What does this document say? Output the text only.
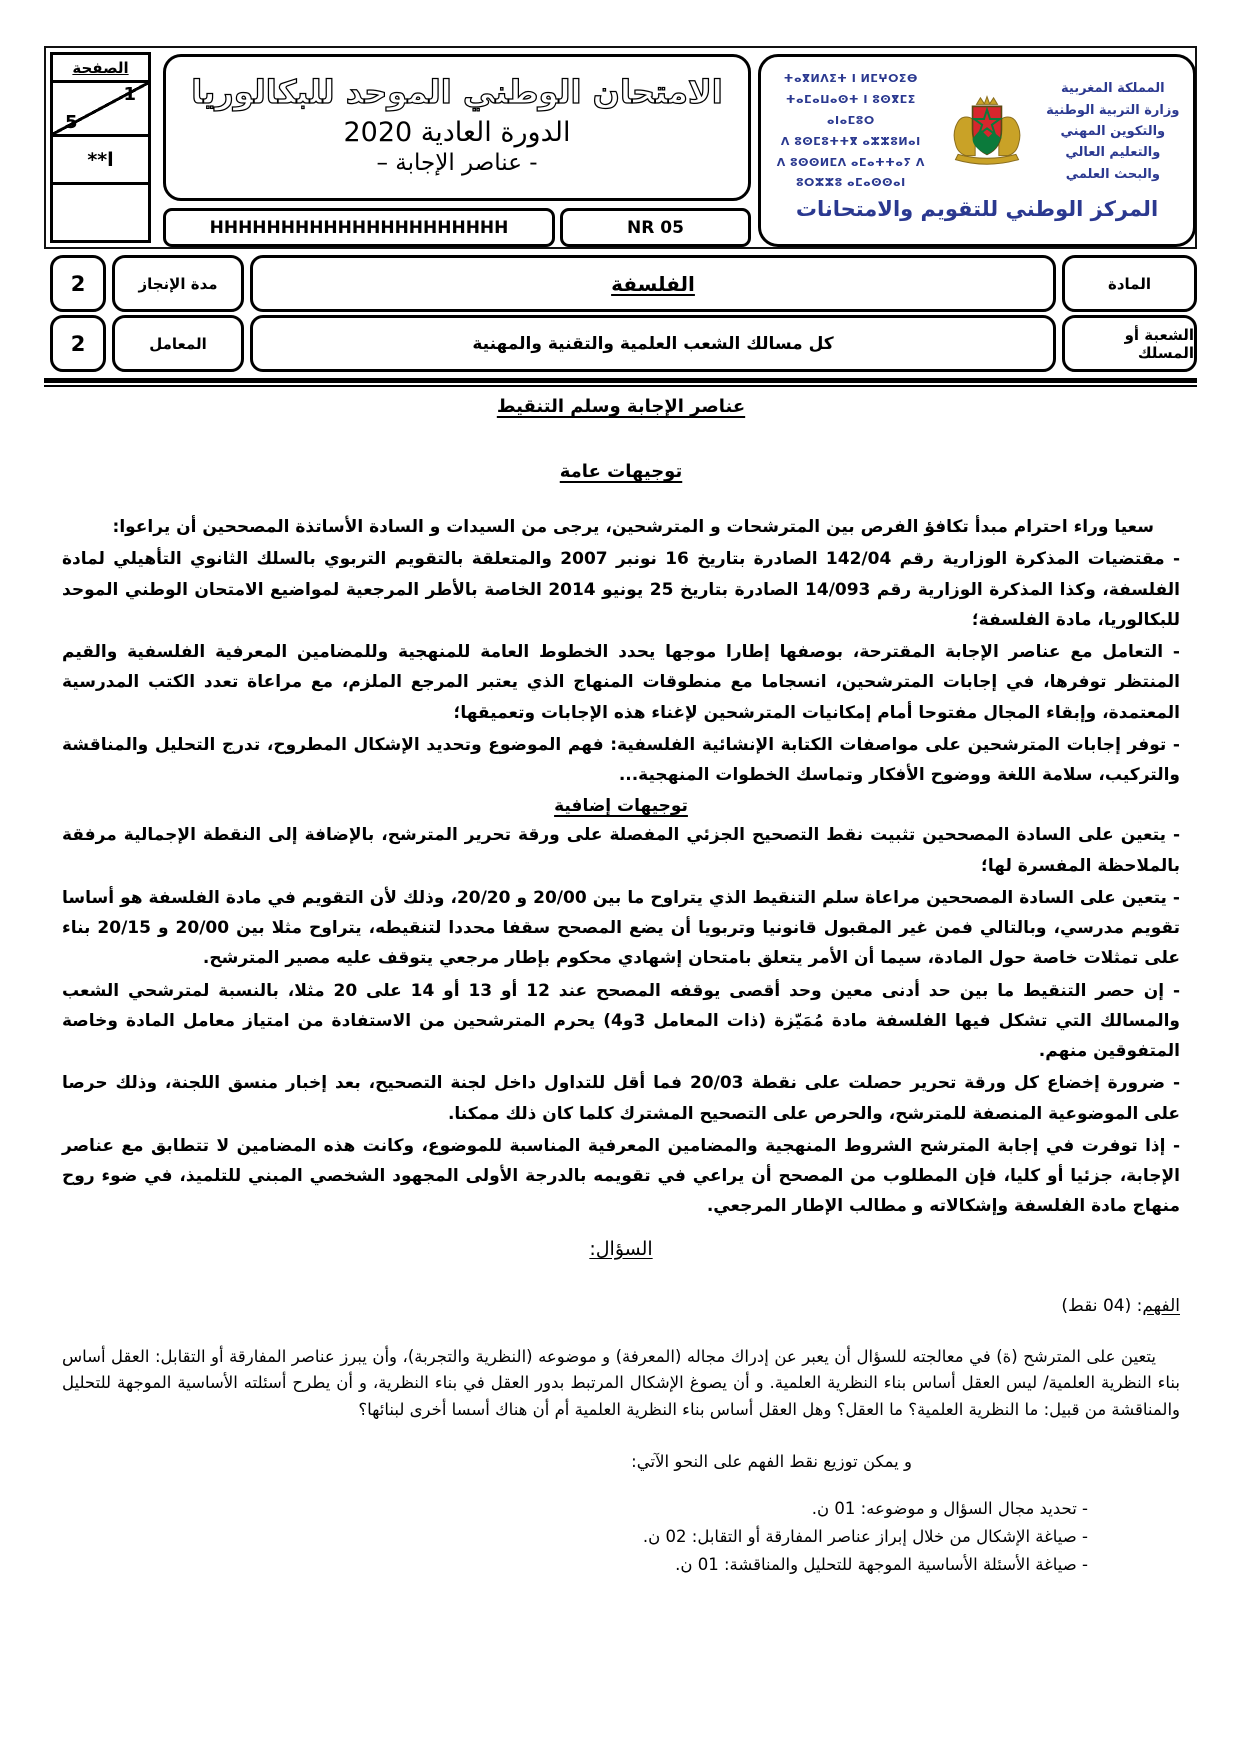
الصفحة
1
5
ا**
الامتحان الوطني الموحد للبكالوريا
الدورة العادية 2020
- عناصر الإجابة –
HHHHHHHHHHHHHHHHHHHHH	NR 05
ⵜⴰⴳⵍⴷⵉⵜ ⵏ ⵍⵎⵖⵔⵉⴱ
ⵜⴰⵎⴰⵡⴰⵙⵜ ⵏ ⵓⵙⴳⵎⵉ ⴰⵏⴰⵎⵓⵔ
ⴷ ⵓⵙⵎⵓⵜⵜⴳ ⴰⵣⵣⵓⵍⴰⵏ
ⴷ ⵓⵙⵙⵍⵎⴷ ⴰⵎⴰⵜⵜⴰⵢ ⴷ ⵓⵔⵣⵣⵓ ⴰⵎⴰⵙⵙⴰⵏ
المملكة المغربية
وزارة التربية الوطنية
والتكوين المهني
والتعليم العالي والبحث العلمي
المركز الوطني للتقويم والامتحانات
2	مدة الإنجاز	الفلسفة	المادة
2	المعامل	كل مسالك الشعب العلمية والتقنية والمهنية	الشعبة أو المسلك
عناصر الإجابة وسلم التنقيط
توجيهات عامة

سعيا وراء احترام مبدأ تكافؤ الفرص بين المترشحات و المترشحين، يرجى من السيدات و السادة الأساتذة المصححين أن يراعوا:

- مقتضيات المذكرة الوزارية رقم 142/04 الصادرة بتاريخ 16 نونبر 2007 والمتعلقة بالتقويم التربوي بالسلك الثانوي التأهيلي لمادة الفلسفة، وكذا المذكرة الوزارية رقم 14/093 الصادرة بتاريخ 25 يونيو 2014 الخاصة بالأطر المرجعية لمواضيع الامتحان الوطني الموحد للبكالوريا، مادة الفلسفة؛

- التعامل مع عناصر الإجابة المقترحة، بوصفها إطارا موجها يحدد الخطوط العامة للمنهجية وللمضامين المعرفية الفلسفية والقيم المنتظر توفرها، في إجابات المترشحين، انسجاما مع منطوقات المنهاج الذي يعتبر المرجع الملزم، مع مراعاة تعدد الكتب المدرسية المعتمدة، وإبقاء المجال مفتوحا أمام إمكانيات المترشحين لإغناء هذه الإجابات وتعميقها؛

- توفر إجابات المترشحين على مواصفات الكتابة الإنشائية الفلسفية: فهم الموضوع وتحديد الإشكال المطروح، تدرج التحليل والمناقشة والتركيب، سلامة اللغة ووضوح الأفكار وتماسك الخطوات المنهجية...

توجيهات إضافية

- يتعين على السادة المصححين تثبيت نقط التصحيح الجزئي المفصلة على ورقة تحرير المترشح، بالإضافة إلى النقطة الإجمالية مرفقة بالملاحظة المفسرة لها؛

- يتعين على السادة المصححين مراعاة سلم التنقيط الذي يتراوح ما بين 20/00 و 20/20، وذلك لأن التقويم في مادة الفلسفة هو أساسا تقويم مدرسي، وبالتالي فمن غير المقبول قانونيا وتربويا أن يضع المصحح سقفا محددا لتنقيطه، يتراوح مثلا بين 20/00 و 20/15 بناء على تمثلات خاصة حول المادة، سيما أن الأمر يتعلق بامتحان إشهادي محكوم بإطار مرجعي يتوقف عليه مصير المترشح.

- إن حصر التنقيط ما بين حد أدنى معين وحد أقصى يوقفه المصحح عند 12 أو 13 أو 14 على 20 مثلا، بالنسبة لمترشحي الشعب والمسالك التي تشكل فيها الفلسفة مادة مُمَيّزة (ذات المعامل 3و4) يحرم المترشحين من الاستفادة من امتياز معامل المادة وخاصة المتفوقين منهم.

- ضرورة إخضاع كل ورقة تحرير حصلت على نقطة 20/03 فما أقل للتداول داخل لجنة التصحيح، بعد إخبار منسق اللجنة، وذلك حرصا على الموضوعية المنصفة للمترشح، والحرص على التصحيح المشترك كلما كان ذلك ممكنا.

- إذا توفرت في إجابة المترشح الشروط المنهجية والمضامين المعرفية المناسبة للموضوع، وكانت هذه المضامين لا تتطابق مع عناصر الإجابة، جزئيا أو كليا، فإن المطلوب من المصحح أن يراعي في تقويمه بالدرجة الأولى المجهود الشخصي المبني للتلميذ، في ضوء روح منهاج مادة الفلسفة وإشكالاته و مطالب الإطار المرجعي.

السؤال:
الفهم: (04 نقط)

يتعين على المترشح (ة) في معالجته للسؤال أن يعبر عن إدراك مجاله (المعرفة) و موضوعه (النظرية والتجربة)، وأن يبرز عناصر المفارقة أو التقابل: العقل أساس بناء النظرية العلمية/ ليس العقل أساس بناء النظرية العلمية. و أن يصوغ الإشكال المرتبط بدور العقل في بناء النظرية، و أن يطرح أسئلته الأساسية الموجهة للتحليل والمناقشة من قبيل: ما النظرية العلمية؟ ما العقل؟ وهل العقل أساس بناء النظرية العلمية أم أن هناك أسسا أخرى لبنائها؟

و يمكن توزيع نقط الفهم على النحو الآتي:
- تحديد مجال السؤال و موضوعه: 01 ن.
- صياغة الإشكال من خلال إبراز عناصر المفارقة أو التقابل: 02 ن.
- صياغة الأسئلة الأساسية الموجهة للتحليل والمناقشة: 01 ن.
